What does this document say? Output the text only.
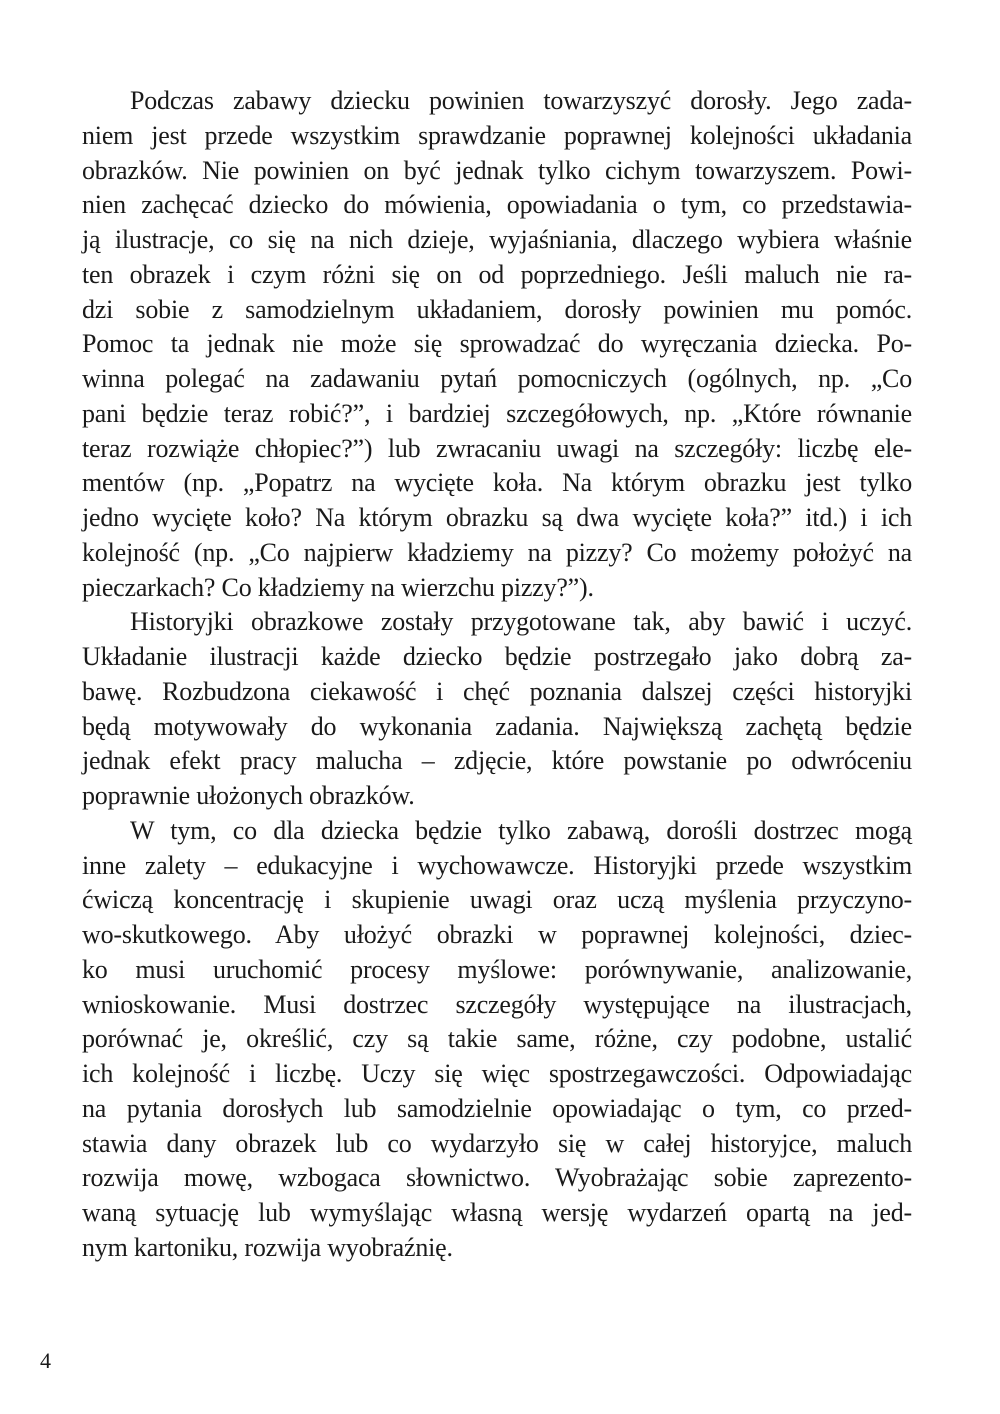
Podczas zabawy dziecku powinien towarzyszyć dorosły. Jego zada-
niem jest przede wszystkim sprawdzanie poprawnej kolejności układania
obrazków. Nie powinien on być jednak tylko cichym towarzyszem. Powi-
nien zachęcać dziecko do mówienia, opowiadania o tym, co przedstawia-
ją ilustracje, co się na nich dzieje, wyjaśniania, dlaczego wybiera właśnie
ten obrazek i czym różni się on od poprzedniego. Jeśli maluch nie ra-
dzi sobie z samodzielnym układaniem, dorosły powinien mu pomóc.
Pomoc ta jednak nie może się sprowadzać do wyręczania dziecka. Po-
winna polegać na zadawaniu pytań pomocniczych (ogólnych, np. „Co
pani będzie teraz robić?”, i bardziej szczegółowych, np. „Które równanie
teraz rozwiąże chłopiec?”) lub zwracaniu uwagi na szczegóły: liczbę ele-
mentów (np. „Popatrz na wycięte koła. Na którym obrazku jest tylko
jedno wycięte koło? Na którym obrazku są dwa wycięte koła?” itd.) i ich
kolejność (np. „Co najpierw kładziemy na pizzy? Co możemy położyć na
pieczarkach? Co kładziemy na wierzchu pizzy?”).
Historyjki obrazkowe zostały przygotowane tak, aby bawić i uczyć.
Układanie ilustracji każde dziecko będzie postrzegało jako dobrą za-
bawę. Rozbudzona ciekawość i chęć poznania dalszej części historyjki
będą motywowały do wykonania zadania. Największą zachętą będzie
jednak efekt pracy malucha – zdjęcie, które powstanie po odwróceniu
poprawnie ułożonych obrazków.
W tym, co dla dziecka będzie tylko zabawą, dorośli dostrzec mogą
inne zalety – edukacyjne i wychowawcze. Historyjki przede wszystkim
ćwiczą koncentrację i skupienie uwagi oraz uczą myślenia przyczyno-
wo-skutkowego. Aby ułożyć obrazki w poprawnej kolejności, dziec-
ko musi uruchomić procesy myślowe: porównywanie, analizowanie,
wnioskowanie. Musi dostrzec szczegóły występujące na ilustracjach,
porównać je, określić, czy są takie same, różne, czy podobne, ustalić
ich kolejność i liczbę. Uczy się więc spostrzegawczości. Odpowiadając
na pytania dorosłych lub samodzielnie opowiadając o tym, co przed-
stawia dany obrazek lub co wydarzyło się w całej historyjce, maluch
rozwija mowę, wzbogaca słownictwo. Wyobrażając sobie zaprezento-
waną sytuację lub wymyślając własną wersję wydarzeń opartą na jed-
nym kartoniku, rozwija wyobraźnię.
4
